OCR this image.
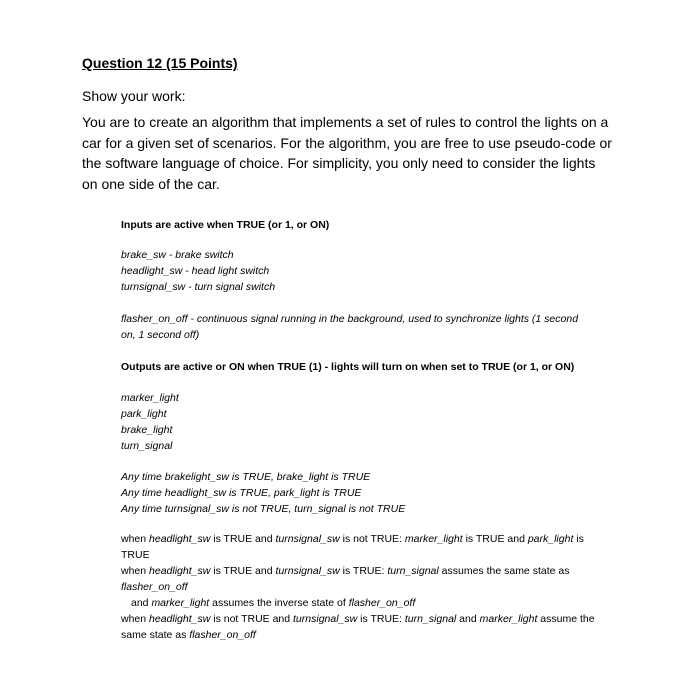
Question 12 (15 Points)
Show your work:
You are to create an algorithm that implements a set of rules to control the lights on a car for a given set of scenarios. For the algorithm, you are free to use pseudo-code or the software language of choice. For simplicity, you only need to consider the lights on one side of the car.
Inputs are active when TRUE (or 1, or ON)

brake_sw - brake switch

headlight_sw - head light switch

turnsignal_sw - turn signal switch

flasher_on_off - continuous signal running in the background, used to synchronize lights (1 second on, 1 second off)
Outputs are active or ON when TRUE (1) - lights will turn on when set to TRUE (or 1, or ON)

marker_light

park_light

brake_light

turn_signal

Any time brakelight_sw is TRUE, brake_light is TRUE

Any time headlight_sw is TRUE, park_light is TRUE

Any time turnsignal_sw is not TRUE, turn_signal is not TRUE

when headlight_sw is TRUE and turnsignal_sw is not TRUE: marker_light is TRUE and park_light is TRUE

when headlight_sw is TRUE and turnsignal_sw is TRUE: turn_signal assumes the same state as flasher_on_off

and marker_light assumes the inverse state of flasher_on_off

when headlight_sw is not TRUE and turnsignal_sw is TRUE: turn_signal and marker_light assume the same state as flasher_on_off
